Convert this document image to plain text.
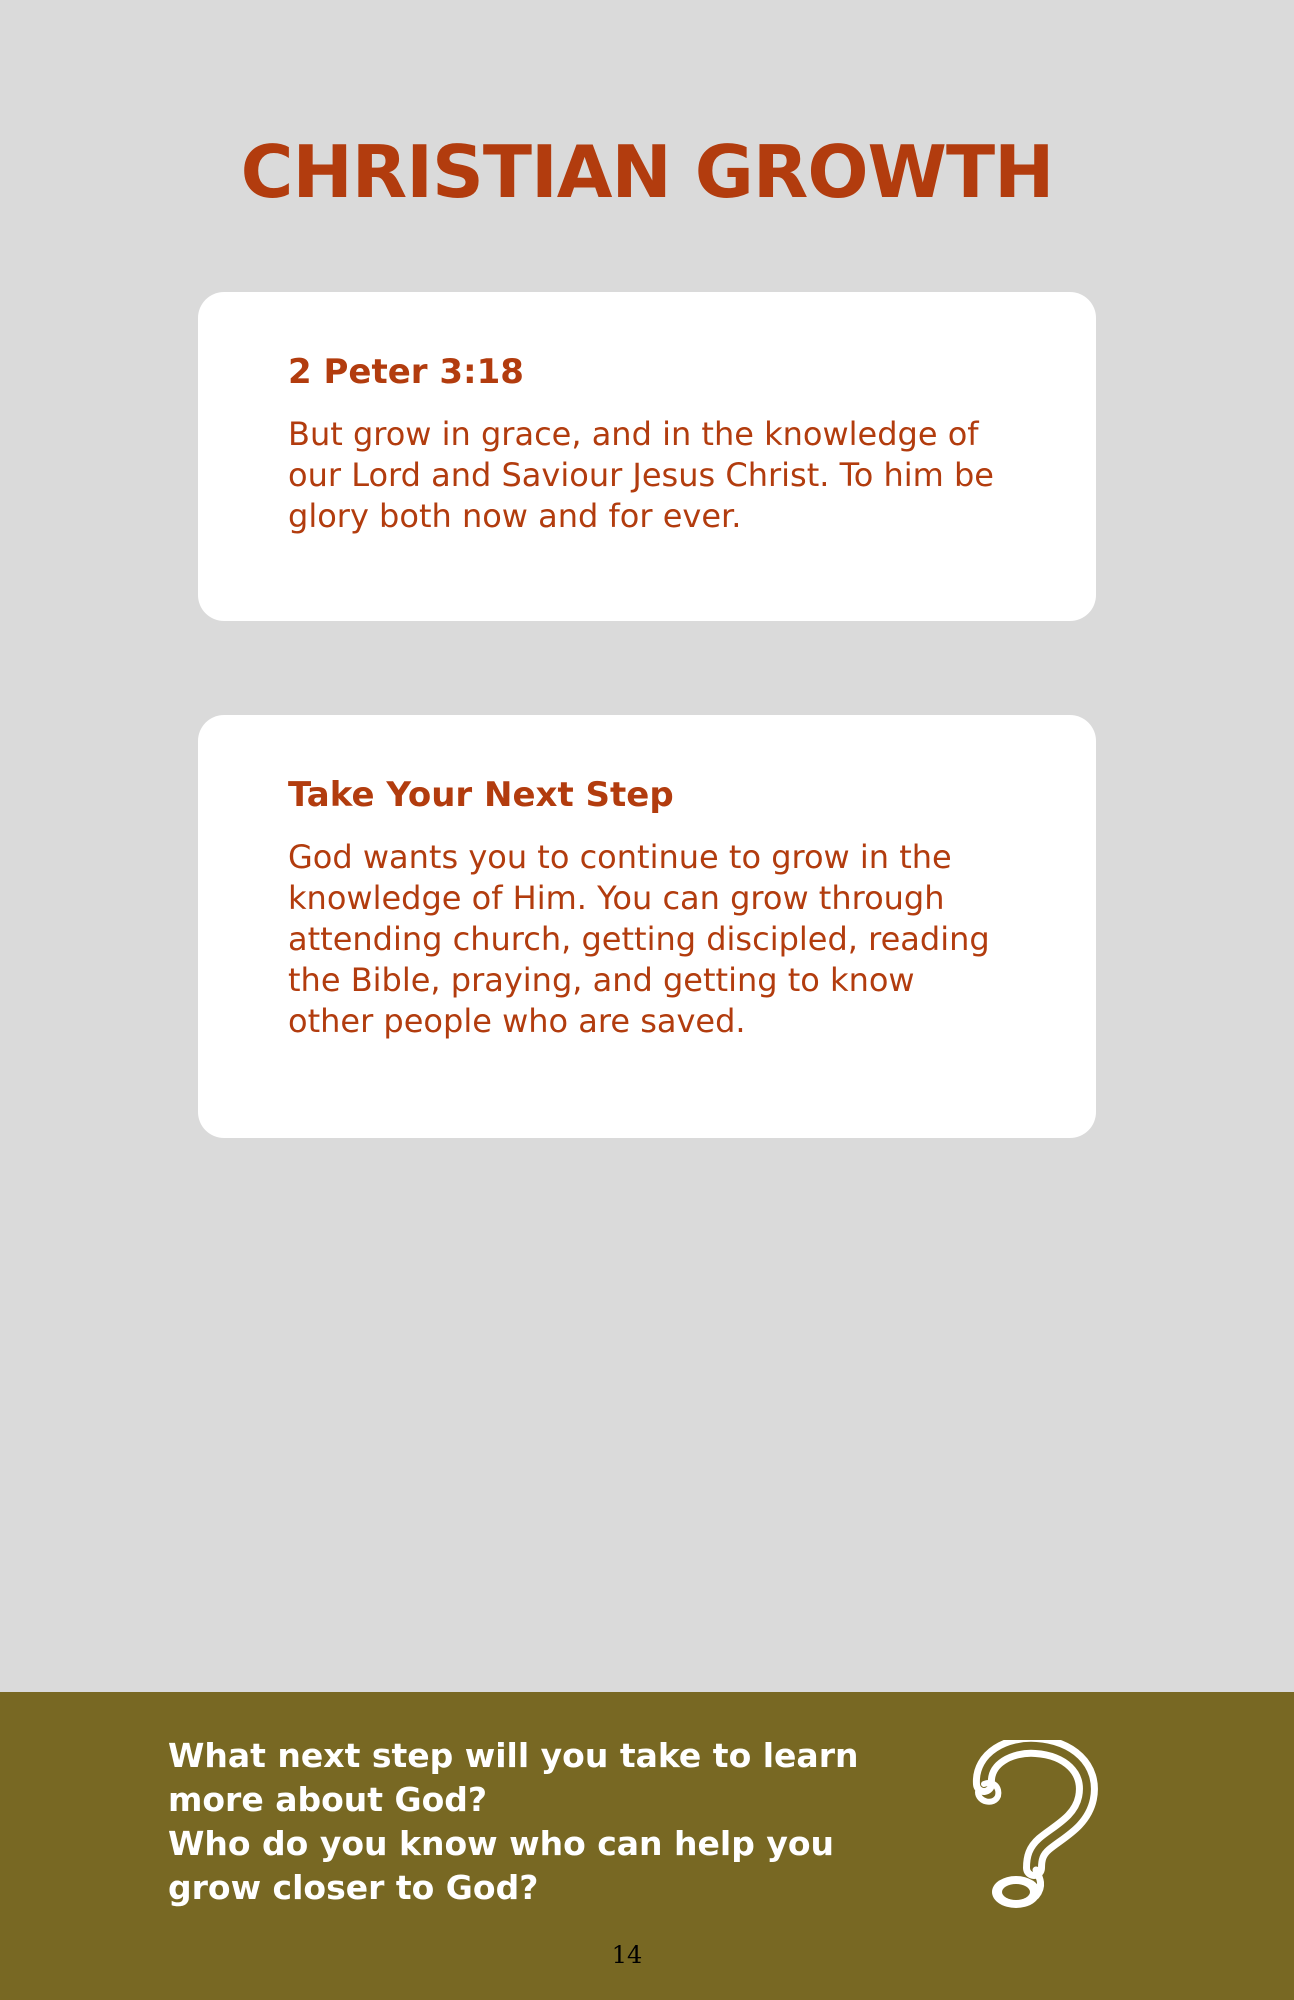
CHRISTIAN GROWTH
2 Peter 3:18

But grow in grace, and in the knowledge of our Lord and Saviour Jesus Christ. To him be glory both now and for ever.

Take Your Next Step

God wants you to continue to grow in the knowledge of Him. You can grow through attending church, getting discipled, reading the Bible, praying, and getting to know other people who are saved.

What next step will you take to learn more about God?
Who do you know who can help you grow closer to God?

14
